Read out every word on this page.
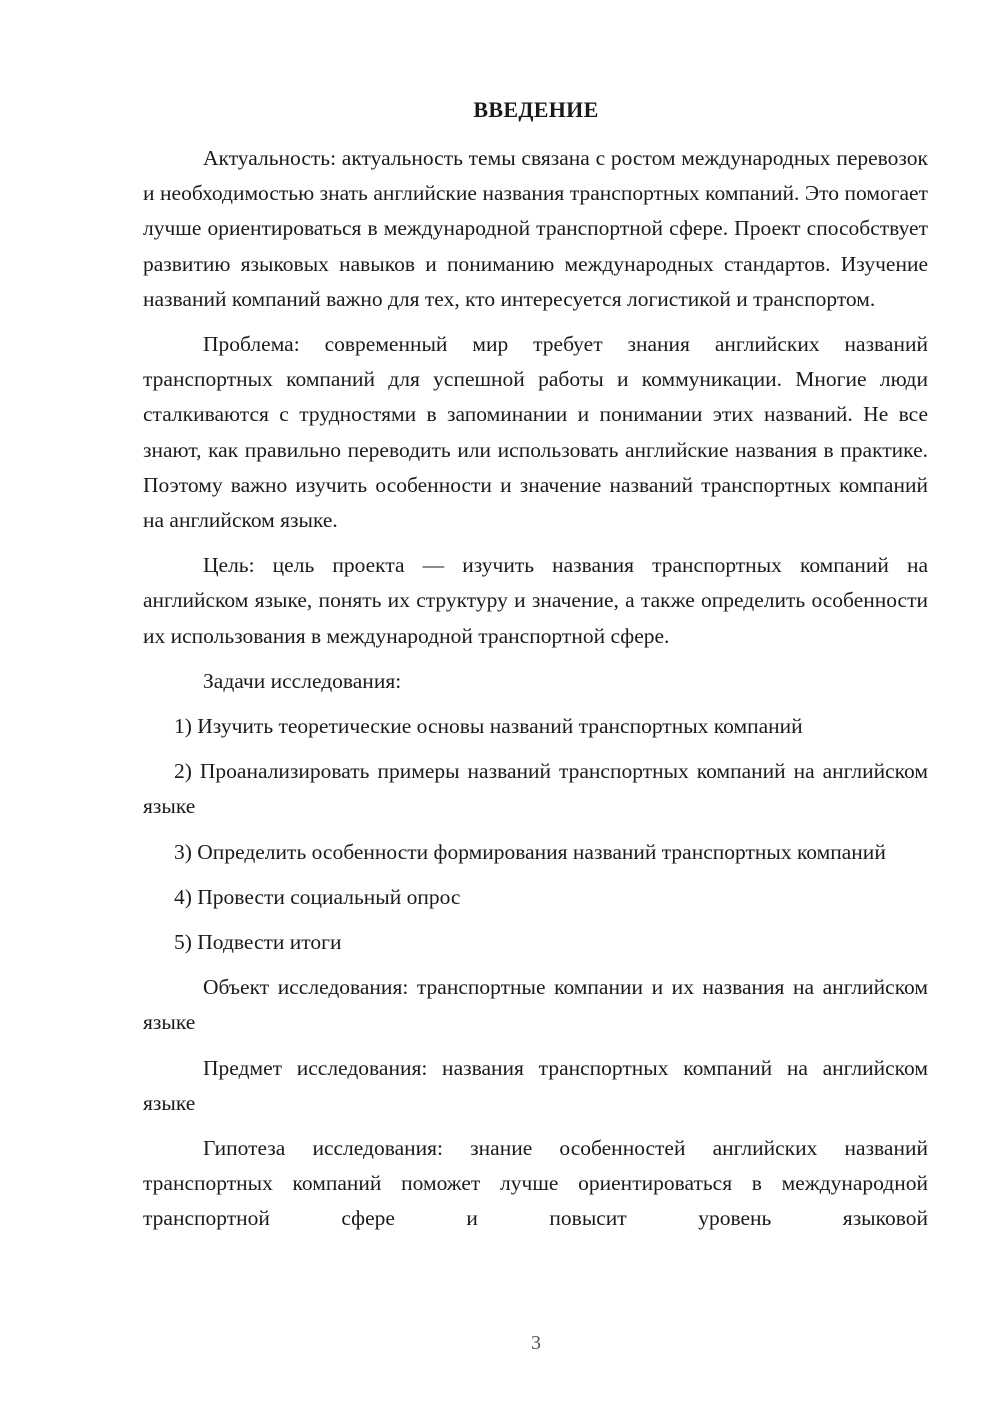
ВВЕДЕНИЕ

Актуальность: актуальность темы связана с ростом международных перевозок и необходимостью знать английские названия транспортных компаний. Это помогает лучше ориентироваться в международной транспортной сфере. Проект способствует развитию языковых навыков и пониманию международных стандартов. Изучение названий компаний важно для тех, кто интересуется логистикой и транспортом.

Проблема: современный мир требует знания английских названий транспортных компаний для успешной работы и коммуникации. Многие люди сталкиваются с трудностями в запоминании и понимании этих названий. Не все знают, как правильно переводить или использовать английские названия в практике. Поэтому важно изучить особенности и значение названий транспортных компаний на английском языке.

Цель: цель проекта — изучить названия транспортных компаний на английском языке, понять их структуру и значение, а также определить особенности их использования в международной транспортной сфере.

Задачи исследования:

1) Изучить теоретические основы названий транспортных компаний

2) Проанализировать примеры названий транспортных компаний на английском языке

3) Определить особенности формирования названий транспортных компаний

4) Провести социальный опрос

5) Подвести итоги

Объект исследования: транспортные компании и их названия на английском языке

Предмет исследования: названия транспортных компаний на английском языке

Гипотеза исследования: знание особенностей английских названий транспортных компаний поможет лучше ориентироваться в международной транспортной сфере и повысит уровень языковой

3
